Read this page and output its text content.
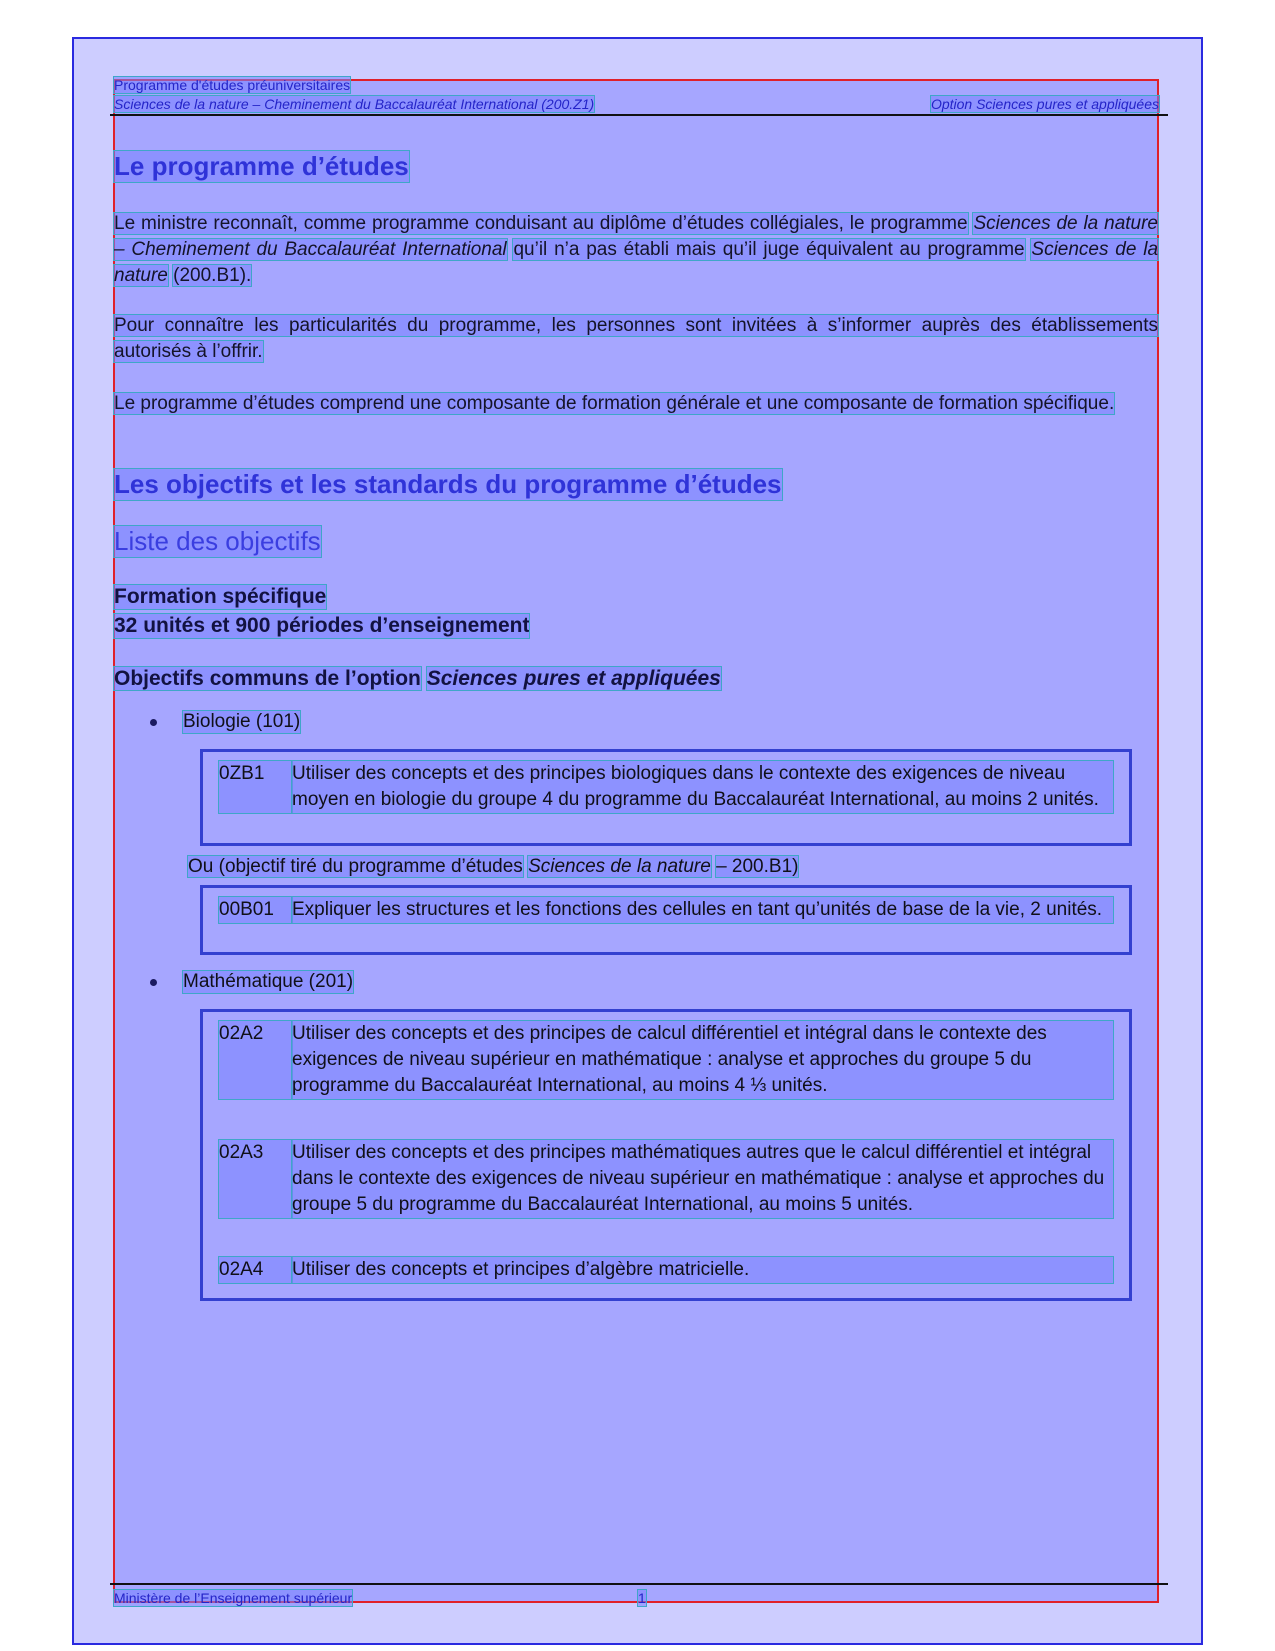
Programme d'études préuniversitaires
Sciences de la nature – Cheminement du Baccalauréat International (200.Z1)	Option Sciences pures et appliquées
Le programme d’études

Le ministre reconnaît, comme programme conduisant au diplôme d’études collégiales, le programme Sciences de la nature – Cheminement du Baccalauréat International qu’il n’a pas établi mais qu’il juge équivalent au programme Sciences de la nature (200.B1).

Pour connaître les particularités du programme, les personnes sont invitées à s’informer auprès des établissements autorisés à l’offrir.

Le programme d’études comprend une composante de formation générale et une composante de formation spécifique.

Les objectifs et les standards du programme d’études
Liste des objectifs
Formation spécifique
32 unités et 900 périodes d’enseignement
Objectifs communs de l’option Sciences pures et appliquées
Biologie (101)
0ZB1	Utiliser des concepts et des principes biologiques dans le contexte des exigences de niveau moyen en biologie du groupe 4 du programme du Baccalauréat International, au moins 2 unités.
Ou (objectif tiré du programme d’études Sciences de la nature – 200.B1)
00B01 Expliquer les structures et les fonctions des cellules en tant qu’unités de base de la vie, 2 unités.
Mathématique (201)
02A2	Utiliser des concepts et des principes de calcul différentiel et intégral dans le contexte des exigences de niveau supérieur en mathématique : analyse et approches du groupe 5 du programme du Baccalauréat International, au moins 4 ⅓ unités.
02A3	Utiliser des concepts et des principes mathématiques autres que le calcul différentiel et intégral dans le contexte des exigences de niveau supérieur en mathématique : analyse et approches du groupe 5 du programme du Baccalauréat International, au moins 5 unités.
02A4	Utiliser des concepts et principes d’algèbre matricielle.
Ministère de l’Enseignement supérieur	1
